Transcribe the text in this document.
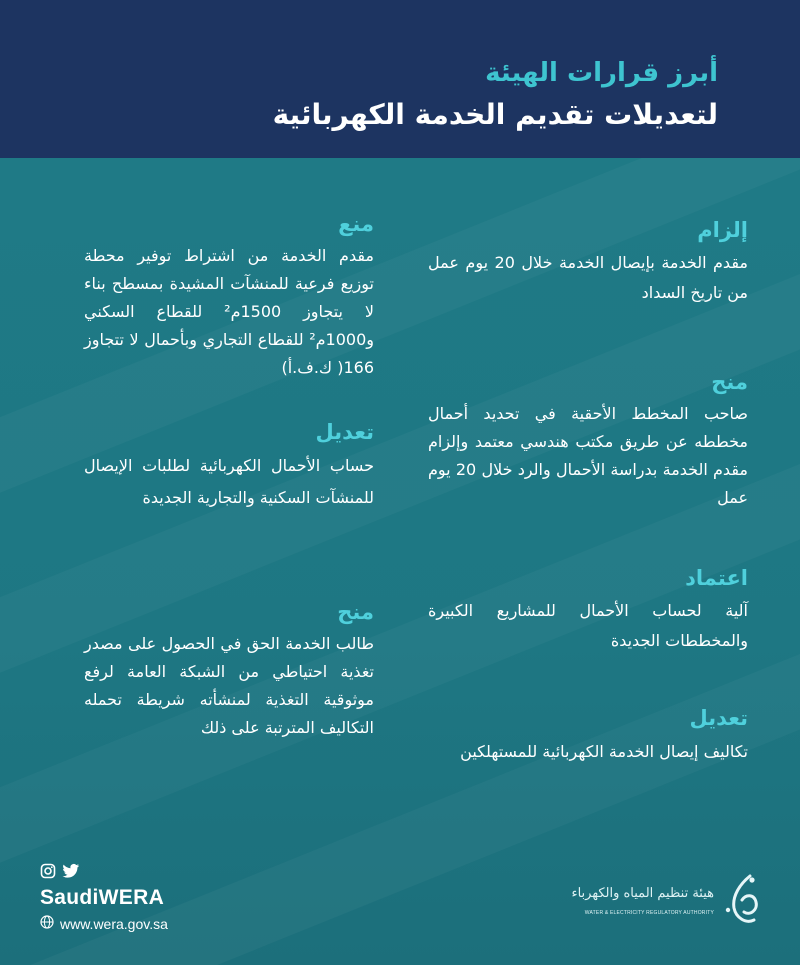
أبرز قرارات الهيئة
لتعديلات تقديم الخدمة الكهربائية
إلزام
مقدم الخدمة بإيصال الخدمة خلال 20 يوم عمل من تاريخ السداد
منح
صاحب المخطط الأحقية في تحديد أحمال مخططه عن طريق مكتب هندسي معتمد وإلزام مقدم الخدمة بدراسة الأحمال والرد خلال 20 يوم عمل
اعتماد
آلية لحساب الأحمال للمشاريع الكبيرة والمخططات الجديدة
تعديل
تكاليف إيصال الخدمة الكهربائية للمستهلكين
منع
مقدم الخدمة من اشتراط توفير محطة توزيع فرعية للمنشآت المشيدة بمسطح بناء لا يتجاوز 1500م² للقطاع السكني و1000م² للقطاع التجاري وبأحمال لا تتجاوز 166( ك.ف.أ)
تعديل
حساب الأحمال الكهربائية لطلبات الإيصال للمنشآت السكنية والتجارية الجديدة
منح
طالب الخدمة الحق في الحصول على مصدر تغذية احتياطي من الشبكة العامة لرفع موثوقية التغذية لمنشأته شريطة تحمله التكاليف المترتبة على ذلك
SaudiWERA
www.wera.gov.sa
هيئة تنظيم المياه والكهرباء
WATER & ELECTRICITY REGULATORY AUTHORITY
